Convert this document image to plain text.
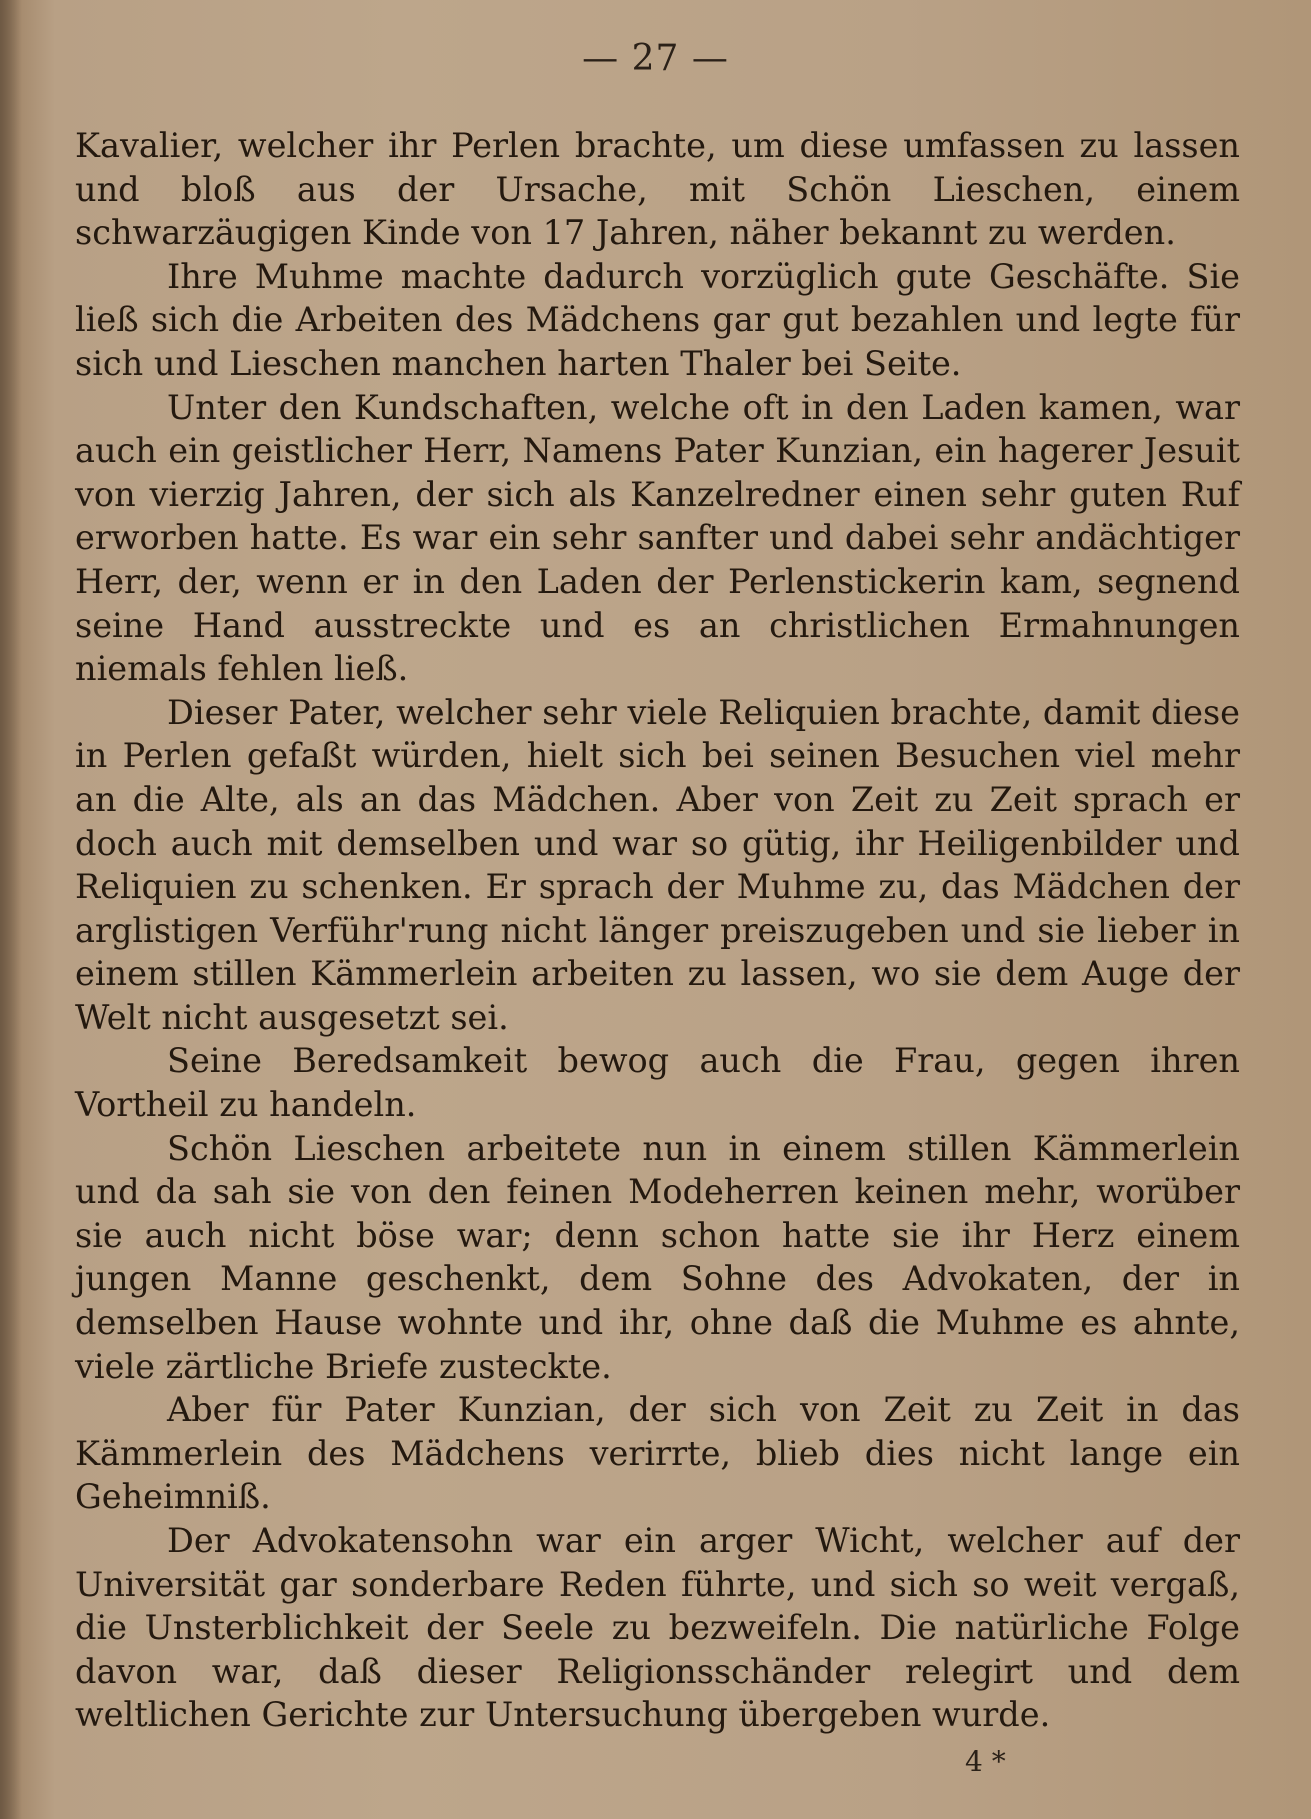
— 27 —

Kavalier, welcher ihr Perlen brachte, um diese umfassen zu lassen und bloß aus der Ursache, mit Schön Lieschen, einem schwarzäugigen Kinde von 17 Jahren, näher bekannt zu werden.

Ihre Muhme machte dadurch vorzüglich gute Geschäfte. Sie ließ sich die Arbeiten des Mädchens gar gut bezahlen und legte für sich und Lieschen manchen harten Thaler bei Seite.

Unter den Kundschaften, welche oft in den Laden kamen, war auch ein geistlicher Herr, Namens Pater Kunzian, ein hagerer Jesuit von vierzig Jahren, der sich als Kanzelredner einen sehr guten Ruf erworben hatte. Es war ein sehr sanfter und dabei sehr andächtiger Herr, der, wenn er in den Laden der Perlenstickerin kam, segnend seine Hand ausstreckte und es an christlichen Ermahnungen niemals fehlen ließ.

Dieser Pater, welcher sehr viele Reliquien brachte, damit diese in Perlen gefaßt würden, hielt sich bei seinen Besuchen viel mehr an die Alte, als an das Mädchen. Aber von Zeit zu Zeit sprach er doch auch mit demselben und war so gütig, ihr Heiligenbilder und Reliquien zu schenken. Er sprach der Muhme zu, das Mädchen der arglistigen Verführ'rung nicht länger preiszugeben und sie lieber in einem stillen Kämmerlein arbeiten zu lassen, wo sie dem Auge der Welt nicht ausgesetzt sei.

Seine Beredsamkeit bewog auch die Frau, gegen ihren Vortheil zu handeln.

Schön Lieschen arbeitete nun in einem stillen Kämmerlein und da sah sie von den feinen Modeherren keinen mehr, worüber sie auch nicht böse war; denn schon hatte sie ihr Herz einem jungen Manne geschenkt, dem Sohne des Advokaten, der in demselben Hause wohnte und ihr, ohne daß die Muhme es ahnte, viele zärtliche Briefe zusteckte.

Aber für Pater Kunzian, der sich von Zeit zu Zeit in das Kämmerlein des Mädchens verirrte, blieb dies nicht lange ein Geheimniß.

Der Advokatensohn war ein arger Wicht, welcher auf der Universität gar sonderbare Reden führte, und sich so weit vergaß, die Unsterblichkeit der Seele zu bezweifeln. Die natürliche Folge davon war, daß dieser Religionsschänder relegirt und dem weltlichen Gerichte zur Untersuchung übergeben wurde.

4 *
